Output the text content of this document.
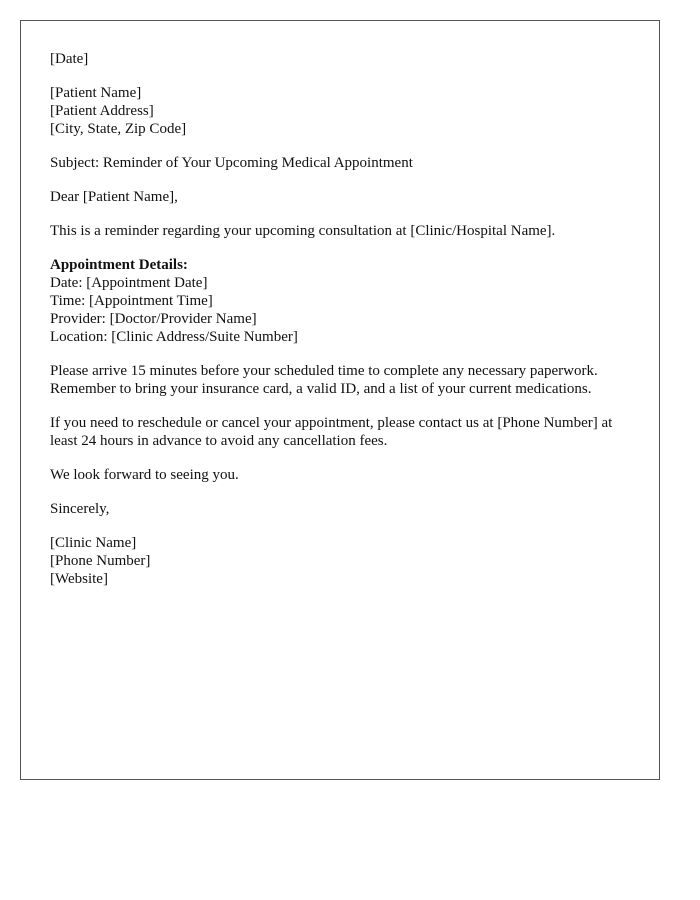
[Date]
[Patient Name]
[Patient Address]
[City, State, Zip Code]
Subject: Reminder of Your Upcoming Medical Appointment
Dear [Patient Name],
This is a reminder regarding your upcoming consultation at [Clinic/Hospital Name].
Appointment Details:
Date: [Appointment Date]
Time: [Appointment Time]
Provider: [Doctor/Provider Name]
Location: [Clinic Address/Suite Number]
Please arrive 15 minutes before your scheduled time to complete any necessary paperwork. Remember to bring your insurance card, a valid ID, and a list of your current medications.
If you need to reschedule or cancel your appointment, please contact us at [Phone Number] at least 24 hours in advance to avoid any cancellation fees.
We look forward to seeing you.
Sincerely,
[Clinic Name]
[Phone Number]
[Website]
